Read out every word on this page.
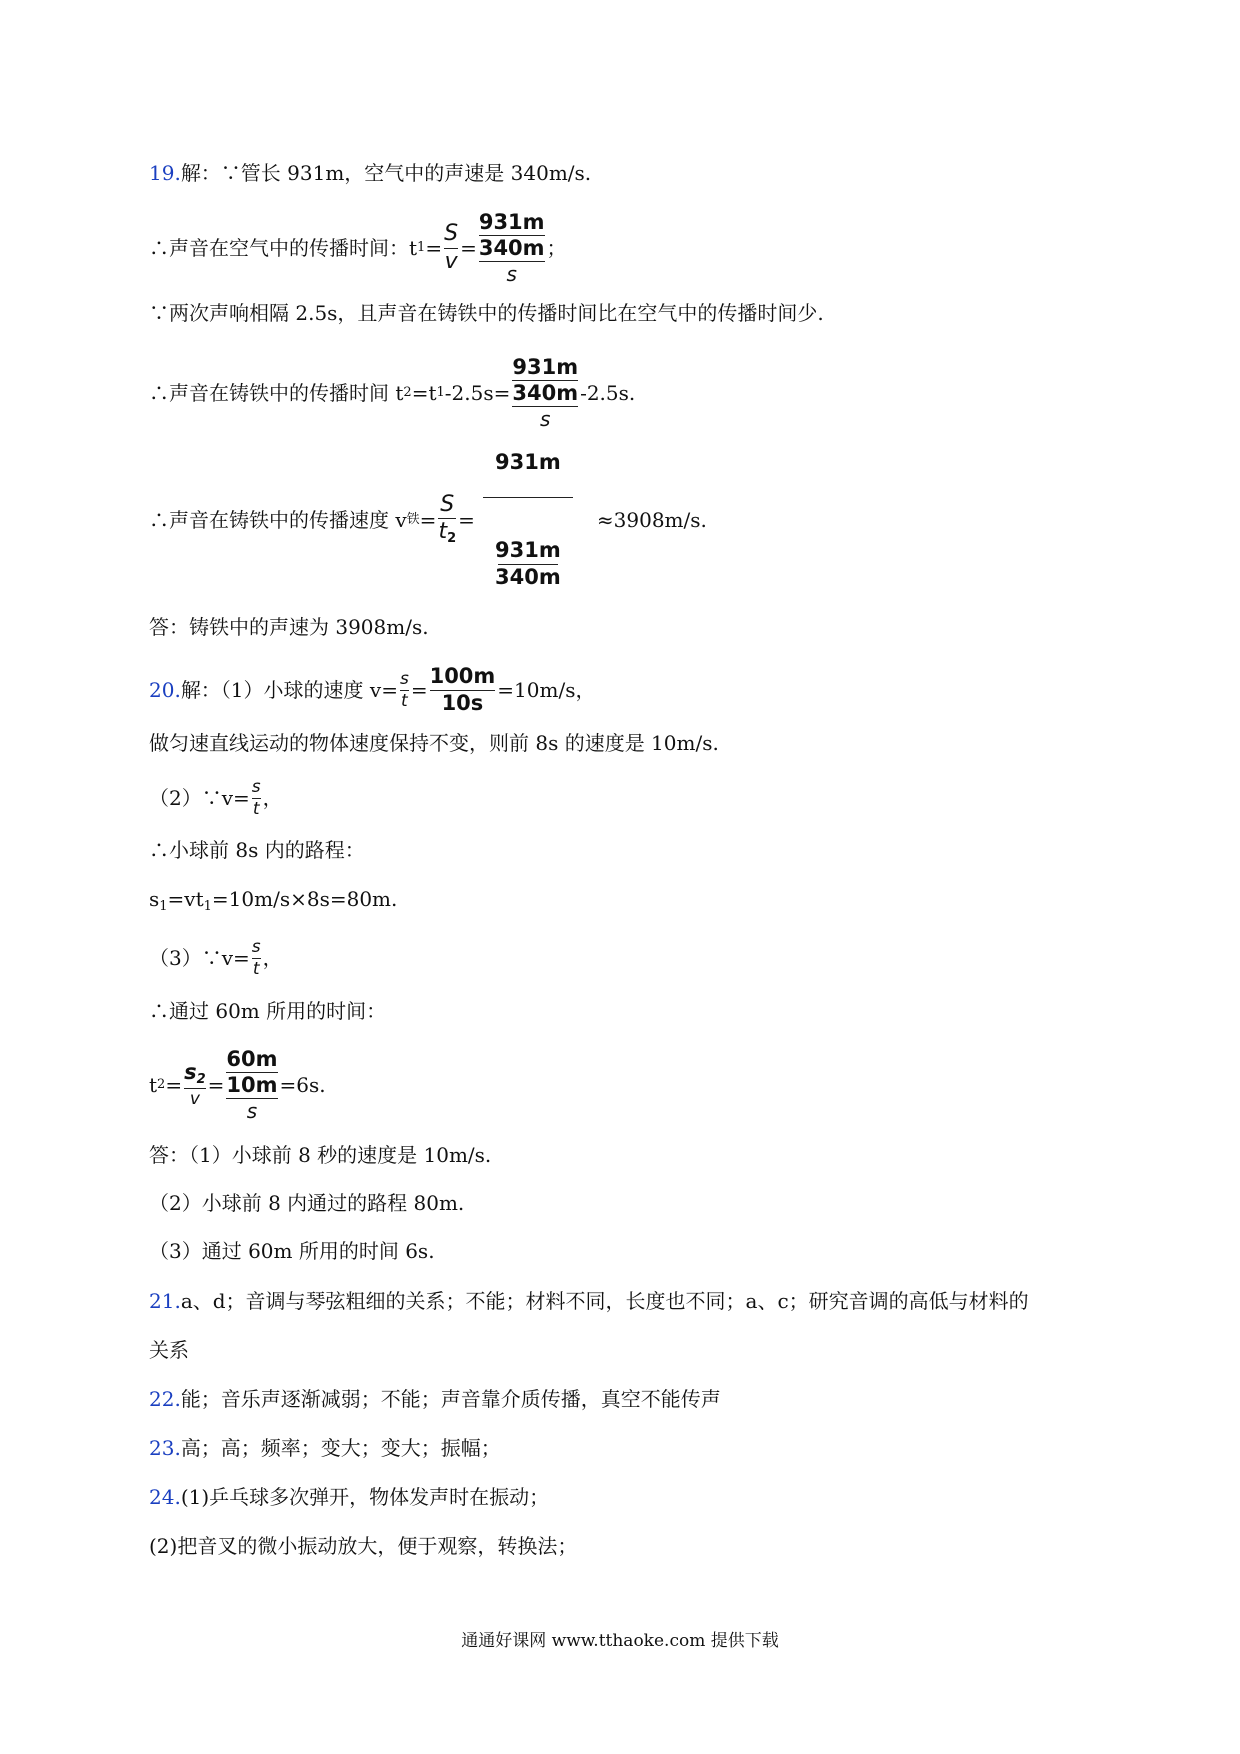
19.解：∵管长 931m，空气中的声速是 340m/s.
∴声音在空气中的传播时间：t $1 = \frac{S}{v}$ =
931m
340m
s
；
∵两次声响相隔 2.5s，且声音在铸铁中的传播时间比在空气中的传播时间少.
∴声音在铸铁中的传播时间 t 2 =t 1 -2.5s=
931m
340m
s
-2.5s.
∴声音在铸铁中的传播速度 v 铁 = $\frac{S}{t_2} = 931m$
931m
340m ≈3908m/s.
答：铸铁中的声速为 3908m/s.
20. 解：（1）小球的速度 $v= \frac{s}{t} = \frac{100m}{10s} =10m/s$，
做匀速直线运动的物体速度保持不变，则前 8s 的速度是 10m/s.
（2）∵v= $\frac{s}{t}$ ，
∴小球前 8s 内的路程：
$s_1=vt_1=10m/s\times 8s=80m$.
（3）∵v= $\frac{s}{t}$ ，
∴通过 60m 所用的时间：
t $2 = \frac{s_2}{v}$ =
60m
10m
s
=6s.
答：（1）小球前 8 秒的速度是 10m/s.
（2）小球前 8 内通过的路程 80m.
（3）通过 60m 所用的时间 6s.
21.a、d；音调与琴弦粗细的关系；不能；材料不同，长度也不同；a、c；研究音调的高低与材料的
关系
22.能；音乐声逐渐减弱；不能；声音靠介质传播，真空不能传声
23.高；高；频率；变大；变大；振幅；
24.(1)乒乓球多次弹开，物体发声时在振动；
(2)把音叉的微小振动放大，便于观察，转换法；
通通好课网 www.tthaoke.com 提供下载
